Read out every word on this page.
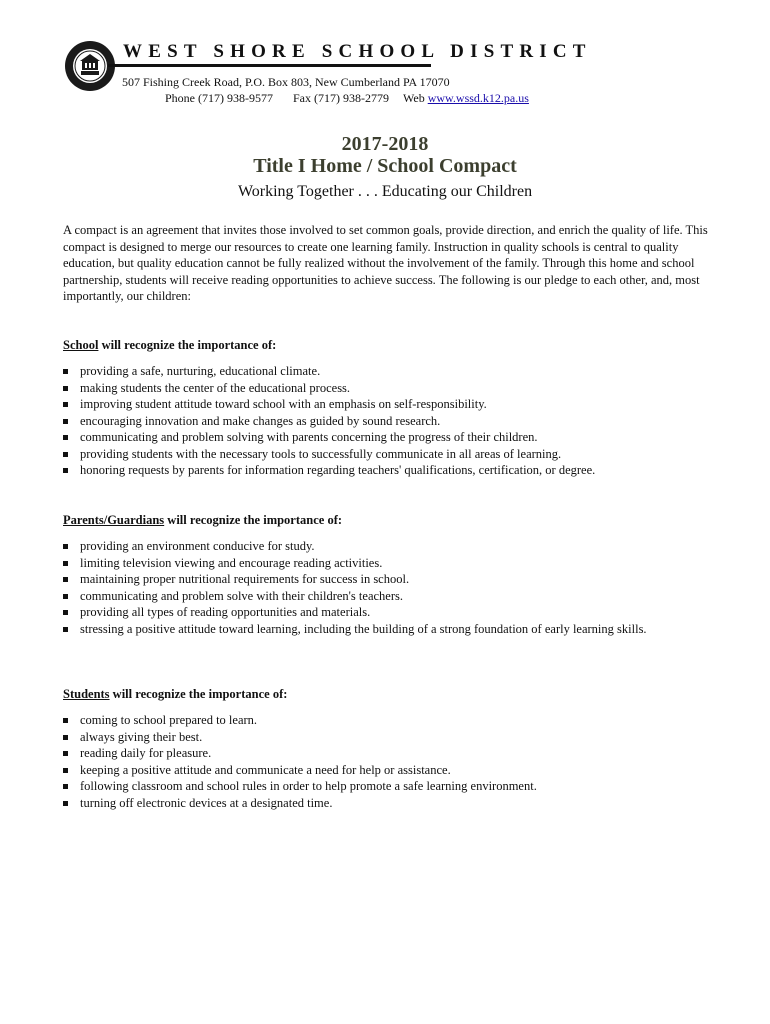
WEST SHORE SCHOOL DISTRICT
507 Fishing Creek Road, P.O. Box 803, New Cumberland PA 17070
Phone (717) 938-9577 Fax (717) 938-2779 Web www.wssd.k12.pa.us
2017-2018
Title I Home / School Compact

Working Together . . . Educating our Children

A compact is an agreement that invites those involved to set common goals, provide direction, and enrich the quality of life. This compact is designed to merge our resources to create one learning family. Instruction in quality schools is central to quality education, but quality education cannot be fully realized without the involvement of the family. Through this home and school partnership, students will receive reading opportunities to achieve success. The following is our pledge to each other, and, most importantly, our children:

School will recognize the importance of:
providing a safe, nurturing, educational climate.
making students the center of the educational process.
improving student attitude toward school with an emphasis on self-responsibility.
encouraging innovation and make changes as guided by sound research.
communicating and problem solving with parents concerning the progress of their children.
providing students with the necessary tools to successfully communicate in all areas of learning.
honoring requests by parents for information regarding teachers' qualifications, certification, or degree.
Parents/Guardians will recognize the importance of:
providing an environment conducive for study.
limiting television viewing and encourage reading activities.
maintaining proper nutritional requirements for success in school.
communicating and problem solve with their children's teachers.
providing all types of reading opportunities and materials.
stressing a positive attitude toward learning, including the building of a strong foundation of early learning skills.
Students will recognize the importance of:
coming to school prepared to learn.
always giving their best.
reading daily for pleasure.
keeping a positive attitude and communicate a need for help or assistance.
following classroom and school rules in order to help promote a safe learning environment.
turning off electronic devices at a designated time.
